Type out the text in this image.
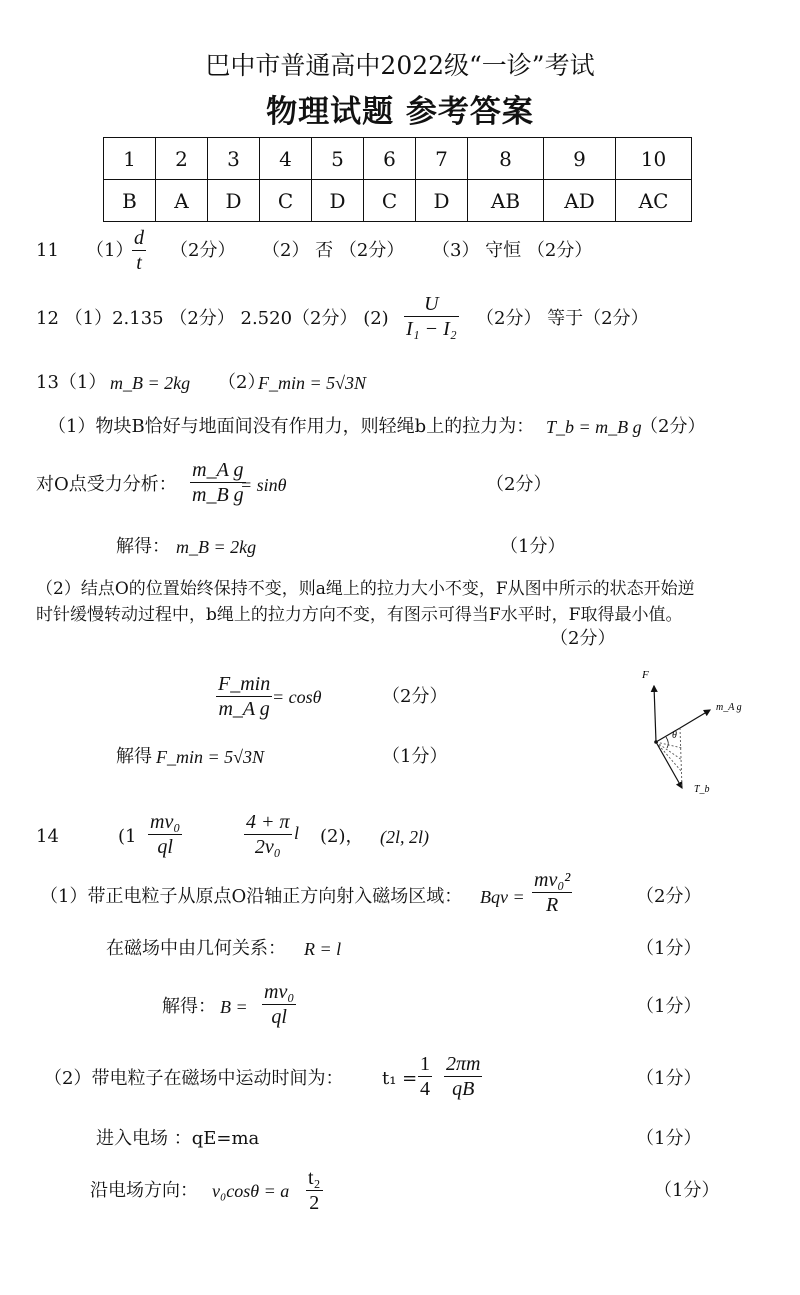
巴中市普通高中2022级“一诊”考试
物理试题 参考答案
1	2	3	4	5	6	7	8	9	10
B	A	D	C	D	C	D	AB	AD	AC
11 （1）
$\frac{d}{t} (2$分） （2） 否 （2分） （3） 守恒 （2分）
12 （1）2.135 （2分） 2.520（2分） $(2) \frac{U}{\text{I₁ − I₂}} (2$分） 等于（2分）
13（1） m_B = 2kg （2）
F_min = 5√3N
（1）物块B恰好与地面间没有作用力，则轻绳b上的拉力为： T_b = m_B g
（2分）
对O点受力分析： $\frac{\text{m\_A g}}{\text{m\_B g}}$
= sinθ	（2分）
解得： m_B = 2kg	（1分）
（2）结点O的位置始终保持不变，则a绳上的拉力大小不变，F从图中所示的状态开始逆
时针缓慢转动过程中，b绳上的拉力方向不变，有图示可得当F水平时，F取得最小值。
（2分）
$\frac{F\_\min}{\text{m\_A g}} = \cos\theta$	（2分）
解得 F_min = 5√3N	（1分）
F
m_A g
θ
T_b
14	($1 \frac{\text{mv₀}}{ql}$	$\frac{4 + \pi}{\text{2v₀}}$ l (2)， (2l, 2l)
（1）带正电粒子从原点O沿轴正方向射入磁场区域： Bqv = $\frac{\text{mv₀²}}{R}$	（2分）
在磁场中由几何关系： R = l	（1分）
解得： $B = \frac{\text{mv₀}}{ql}$	（1分）
（2）带电粒子在磁场中运动时间为： $t_1 = \frac{1}{4} \frac{2\pi m}{qB}$	（1分）
进入电场 ：qE=ma	（1分）
沿电场方向： v₀cosθ = a $\frac{\text{t₂}}{2}$	（1分）
